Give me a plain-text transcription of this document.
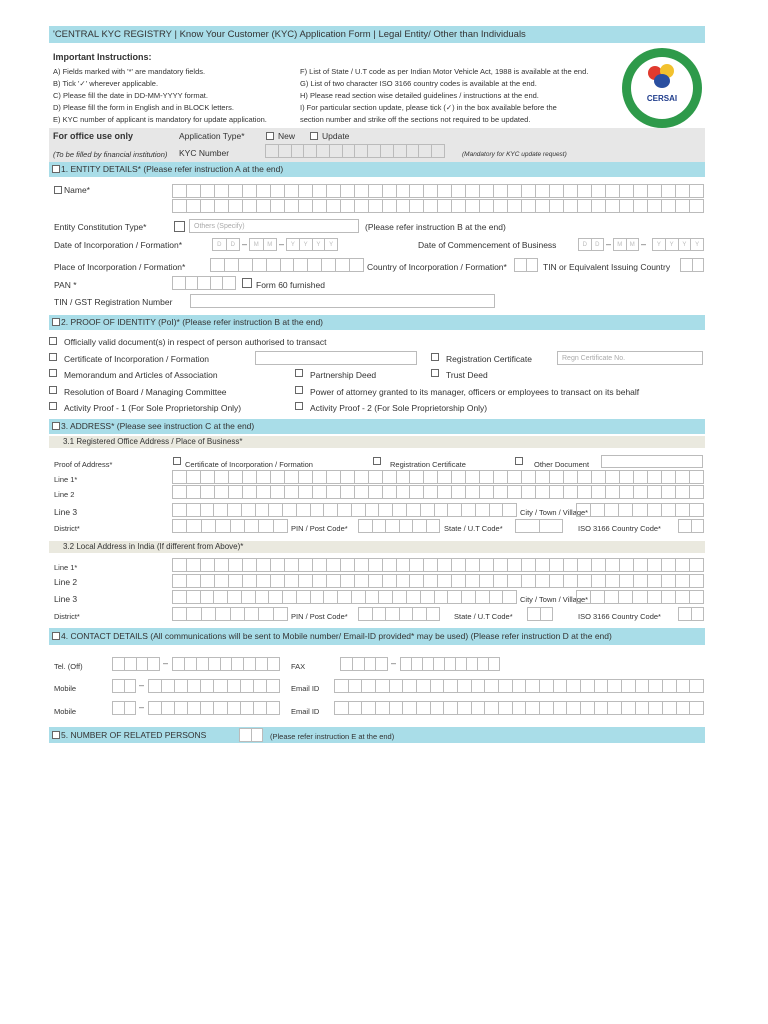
'CENTRAL KYC REGISTRY | Know Your Customer (KYC) Application Form | Legal Entity/ Other than Individuals
Important Instructions:
A) Fields marked with '*' are mandatory fields.
B) Tick '✓' wherever applicable.
C) Please fill the date in DD-MM-YYYY format.
D) Please fill the form in English and in BLOCK letters.
E) KYC number of applicant is mandatory for update application.
F) List of State / U.T code as per Indian Motor Vehicle Act, 1988 is available at the end.
G) List of two character ISO 3166 country codes is available at the end.
H) Please read section wise detailed guidelines / instructions at the end.
I) For particular section update, please tick (✓) in the box available before the
section number and strike off the sections not required to be updated.
CERSAI
For office use only	Application Type*	New	Update
(To be filled by financial institution) KYC Number	(Mandatory for KYC update request)
1. ENTITY DETAILS* (Please refer instruction A at the end)
Name*
Entity Constitution Type*	Others (Specify)	(Please refer instruction B at the end)
Date of Incorporation / Formation*	D	D –	M	M –	Y	Y	Y	Y	Date of Commencement of Business	D	D –	M	M –	Y	Y	Y	Y
Place of Incorporation / Formation*	Country of Incorporation / Formation*	TIN or Equivalent Issuing Country
PAN *	Form 60 furnished
TIN / GST Registration Number
2. PROOF OF IDENTITY (PoI)* (Please refer instruction B at the end)
Officially valid document(s) in respect of person authorised to transact
Certificate of Incorporation / Formation	Registration Certificate	Regn Certificate No.
Memorandum and Articles of Association	Partnership Deed	Trust Deed
Resolution of Board / Managing Committee	Power of attorney granted to its manager, officers or employees to transact on its behalf
Activity Proof - 1 (For Sole Proprietorship Only)	Activity Proof - 2 (For Sole Proprietorship Only)
3. ADDRESS* (Please see instruction C at the end)
3.1 Registered Office Address / Place of Business*
Proof of Address*	Certificate of Incorporation / Formation	Registration Certificate	Other Document
Line 1*
Line 2
Line 3	City / Town / Village*
District*	PIN / Post Code*	State / U.T Code*	ISO 3166 Country Code*
3.2 Local Address in India (If different from Above)*
Line 1*
Line 2
Line 3	City / Town / Village*
District*	PIN / Post Code*	State / U.T Code*	ISO 3166 Country Code*
4. CONTACT DETAILS (All communications will be sent to Mobile number/ Email-ID provided* may be used) (Please refer instruction D at the end)
Tel. (Off)	–	FAX	–
Mobile	–	Email ID
Mobile	–	Email ID
5. NUMBER OF RELATED PERSONS	(Please refer instruction E at the end)
